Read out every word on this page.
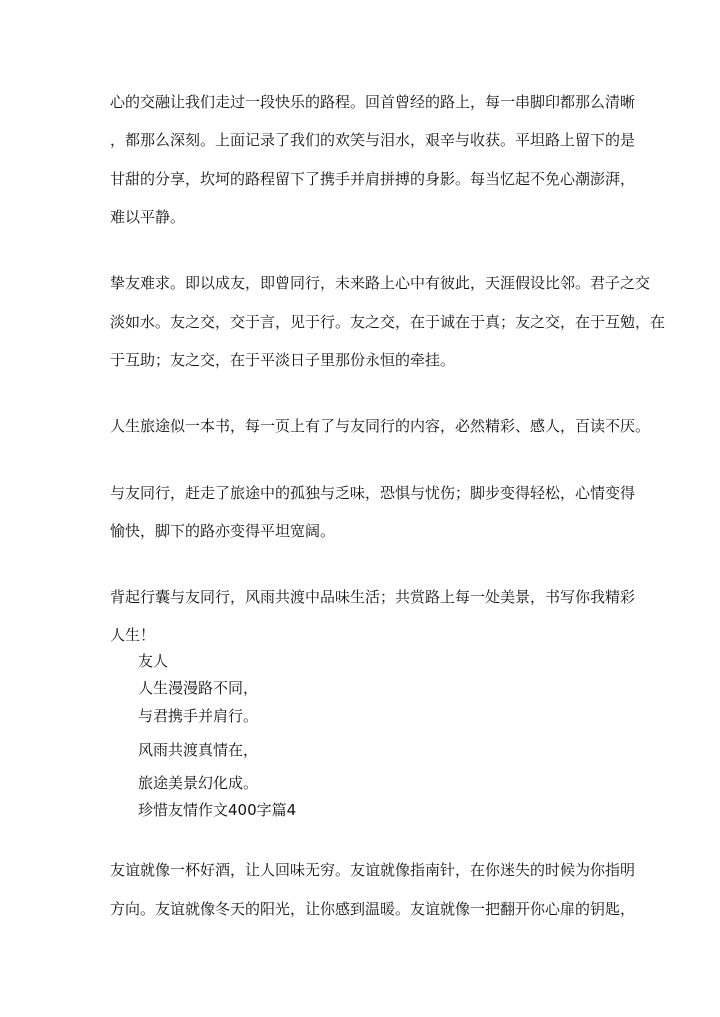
心的交融让我们走过一段快乐的路程。回首曾经的路上，每一串脚印都那么清晰
，都那么深刻。上面记录了我们的欢笑与泪水，艰辛与收获。平坦路上留下的是
甘甜的分享，坎坷的路程留下了携手并肩拼搏的身影。每当忆起不免心潮澎湃，
难以平静。
挚友难求。即以成友，即曾同行，未来路上心中有彼此，天涯假设比邻。君子之交
淡如水。友之交，交于言，见于行。友之交，在于诚在于真；友之交，在于互勉，在
于互助；友之交，在于平淡日子里那份永恒的牵挂。
人生旅途似一本书，每一页上有了与友同行的内容，必然精彩、感人，百读不厌。
与友同行，赶走了旅途中的孤独与乏味，恐惧与忧伤；脚步变得轻松，心情变得
愉快，脚下的路亦变得平坦宽阔。
背起行囊与友同行，风雨共渡中品味生活；共赏路上每一处美景，书写你我精彩
人生！
友人
人生漫漫路不同，
与君携手并肩行。
风雨共渡真情在，
旅途美景幻化成。
珍惜友情作文400字篇4
友谊就像一杯好酒，让人回味无穷。友谊就像指南针，在你迷失的时候为你指明
方向。友谊就像冬天的阳光，让你感到温暖。友谊就像一把翻开你心扉的钥匙，
